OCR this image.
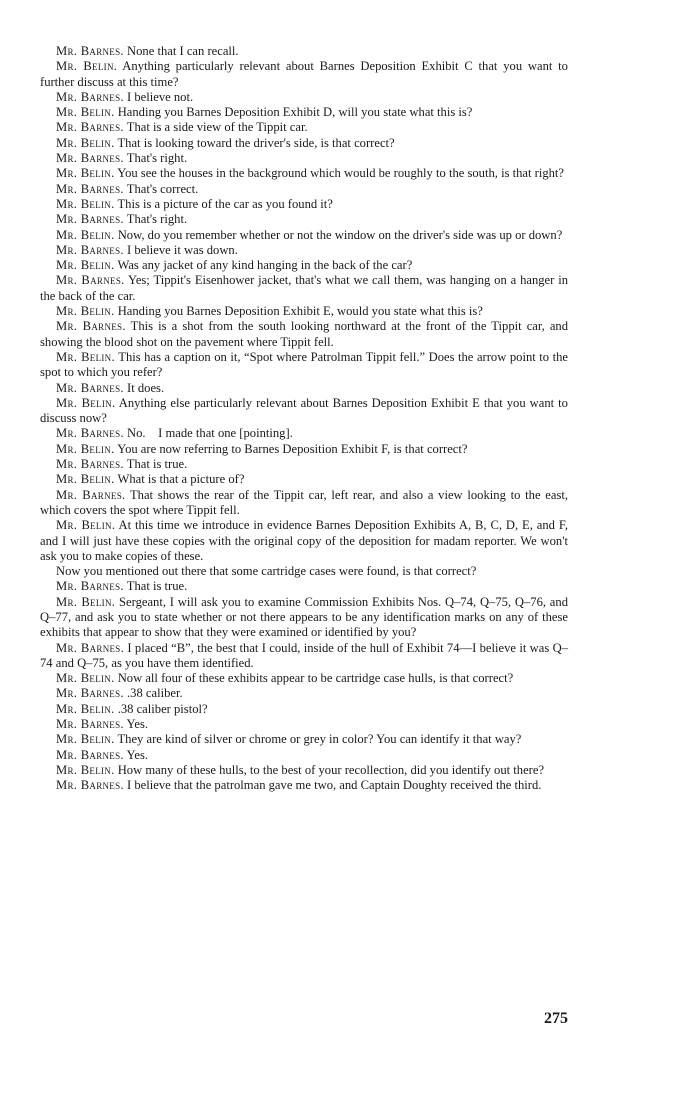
Mr. Barnes. None that I can recall.

Mr. Belin. Anything particularly relevant about Barnes Deposition Exhibit C that you want to further discuss at this time?

Mr. Barnes. I believe not.

Mr. Belin. Handing you Barnes Deposition Exhibit D, will you state what this is?

Mr. Barnes. That is a side view of the Tippit car.

Mr. Belin. That is looking toward the driver's side, is that correct?

Mr. Barnes. That's right.

Mr. Belin. You see the houses in the background which would be roughly to the south, is that right?

Mr. Barnes. That's correct.

Mr. Belin. This is a picture of the car as you found it?

Mr. Barnes. That's right.

Mr. Belin. Now, do you remember whether or not the window on the driver's side was up or down?

Mr. Barnes. I believe it was down.

Mr. Belin. Was any jacket of any kind hanging in the back of the car?

Mr. Barnes. Yes; Tippit's Eisenhower jacket, that's what we call them, was hanging on a hanger in the back of the car.

Mr. Belin. Handing you Barnes Deposition Exhibit E, would you state what this is?

Mr. Barnes. This is a shot from the south looking northward at the front of the Tippit car, and showing the blood shot on the pavement where Tippit fell.

Mr. Belin. This has a caption on it, “Spot where Patrolman Tippit fell.” Does the arrow point to the spot to which you refer?

Mr. Barnes. It does.

Mr. Belin. Anything else particularly relevant about Barnes Deposition Exhibit E that you want to discuss now?

Mr. Barnes. No. I made that one [pointing].

Mr. Belin. You are now referring to Barnes Deposition Exhibit F, is that correct?

Mr. Barnes. That is true.

Mr. Belin. What is that a picture of?

Mr. Barnes. That shows the rear of the Tippit car, left rear, and also a view looking to the east, which covers the spot where Tippit fell.

Mr. Belin. At this time we introduce in evidence Barnes Deposition Exhibits A, B, C, D, E, and F, and I will just have these copies with the original copy of the deposition for madam reporter. We won't ask you to make copies of these.

Now you mentioned out there that some cartridge cases were found, is that correct?

Mr. Barnes. That is true.

Mr. Belin. Sergeant, I will ask you to examine Commission Exhibits Nos. Q–74, Q–75, Q–76, and Q–77, and ask you to state whether or not there appears to be any identification marks on any of these exhibits that appear to show that they were examined or identified by you?

Mr. Barnes. I placed “B”, the best that I could, inside of the hull of Exhibit 74—I believe it was Q–74 and Q–75, as you have them identified.

Mr. Belin. Now all four of these exhibits appear to be cartridge case hulls, is that correct?

Mr. Barnes. .38 caliber.

Mr. Belin. .38 caliber pistol?

Mr. Barnes. Yes.

Mr. Belin. They are kind of silver or chrome or grey in color? You can identify it that way?

Mr. Barnes. Yes.

Mr. Belin. How many of these hulls, to the best of your recollection, did you identify out there?

Mr. Barnes. I believe that the patrolman gave me two, and Captain Doughty received the third.

275
